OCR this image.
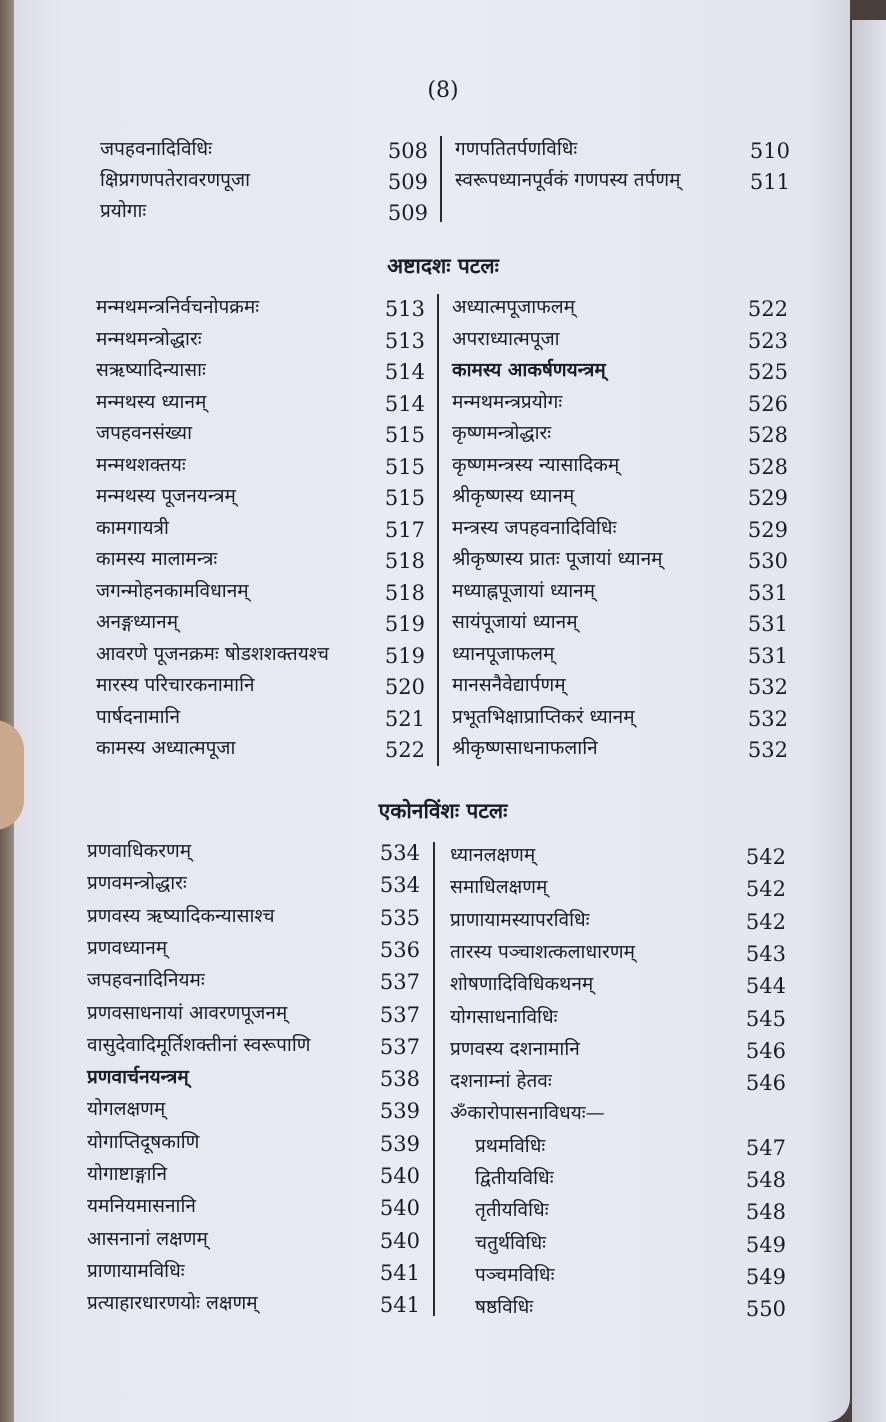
(8)
अष्टादशः पटलः
एकोनविंशः पटलः
जपहवनादिविधिः	508
क्षिप्रगणपतेरावरणपूजा	509
प्रयोगाः	509
गणपतितर्पणविधिः	510
स्वरूपध्यानपूर्वकं गणपस्य तर्पणम्	511
मन्मथमन्त्रनिर्वचनोपक्रमः	513
मन्मथमन्त्रोद्धारः	513
सऋष्यादिन्यासाः	514
मन्मथस्य ध्यानम्	514
जपहवनसंख्या	515
मन्मथशक्तयः	515
मन्मथस्य पूजनयन्त्रम्	515
कामगायत्री	517
कामस्य मालामन्त्रः	518
जगन्मोहनकामविधानम्	518
अनङ्गध्यानम्	519
आवरणे पूजनक्रमः षोडशशक्तयश्च	519
मारस्य परिचारकनामानि	520
पार्षदनामानि	521
कामस्य अध्यात्मपूजा	522
अध्यात्मपूजाफलम्	522
अपराध्यात्मपूजा	523
कामस्य आकर्षणयन्त्रम्	525
मन्मथमन्त्रप्रयोगः	526
कृष्णमन्त्रोद्धारः	528
कृष्णमन्त्रस्य न्यासादिकम्	528
श्रीकृष्णस्य ध्यानम्	529
मन्त्रस्य जपहवनादिविधिः	529
श्रीकृष्णस्य प्रातः पूजायां ध्यानम्	530
मध्याह्नपूजायां ध्यानम्	531
सायंपूजायां ध्यानम्	531
ध्यानपूजाफलम्	531
मानसनैवेद्यार्पणम्	532
प्रभूतभिक्षाप्राप्तिकरं ध्यानम्	532
श्रीकृष्णसाधनाफलानि	532
प्रणवाधिकरणम्	534
प्रणवमन्त्रोद्धारः	534
प्रणवस्य ऋष्यादिकन्यासाश्च	535
प्रणवध्यानम्	536
जपहवनादिनियमः	537
प्रणवसाधनायां आवरणपूजनम्	537
वासुदेवादिमूर्तिशक्तीनां स्वरूपाणि	537
प्रणवार्चनयन्त्रम्	538
योगलक्षणम्	539
योगाप्तिदूषकाणि	539
योगाष्टाङ्गानि	540
यमनियमासनानि	540
आसनानां लक्षणम्	540
प्राणायामविधिः	541
प्रत्याहारधारणयोः लक्षणम्	541
ध्यानलक्षणम्	542
समाधिलक्षणम्	542
प्राणायामस्यापरविधिः	542
तारस्य पञ्चाशत्कलाधारणम्	543
शोषणादिविधिकथनम्	544
योगसाधनाविधिः	545
प्रणवस्य दशनामानि	546
दशनाम्नां हेतवः	546
ॐकारोपासनाविधयः—
प्रथमविधिः	547
द्वितीयविधिः	548
तृतीयविधिः	548
चतुर्थविधिः	549
पञ्चमविधिः	549
षष्ठविधिः	550
